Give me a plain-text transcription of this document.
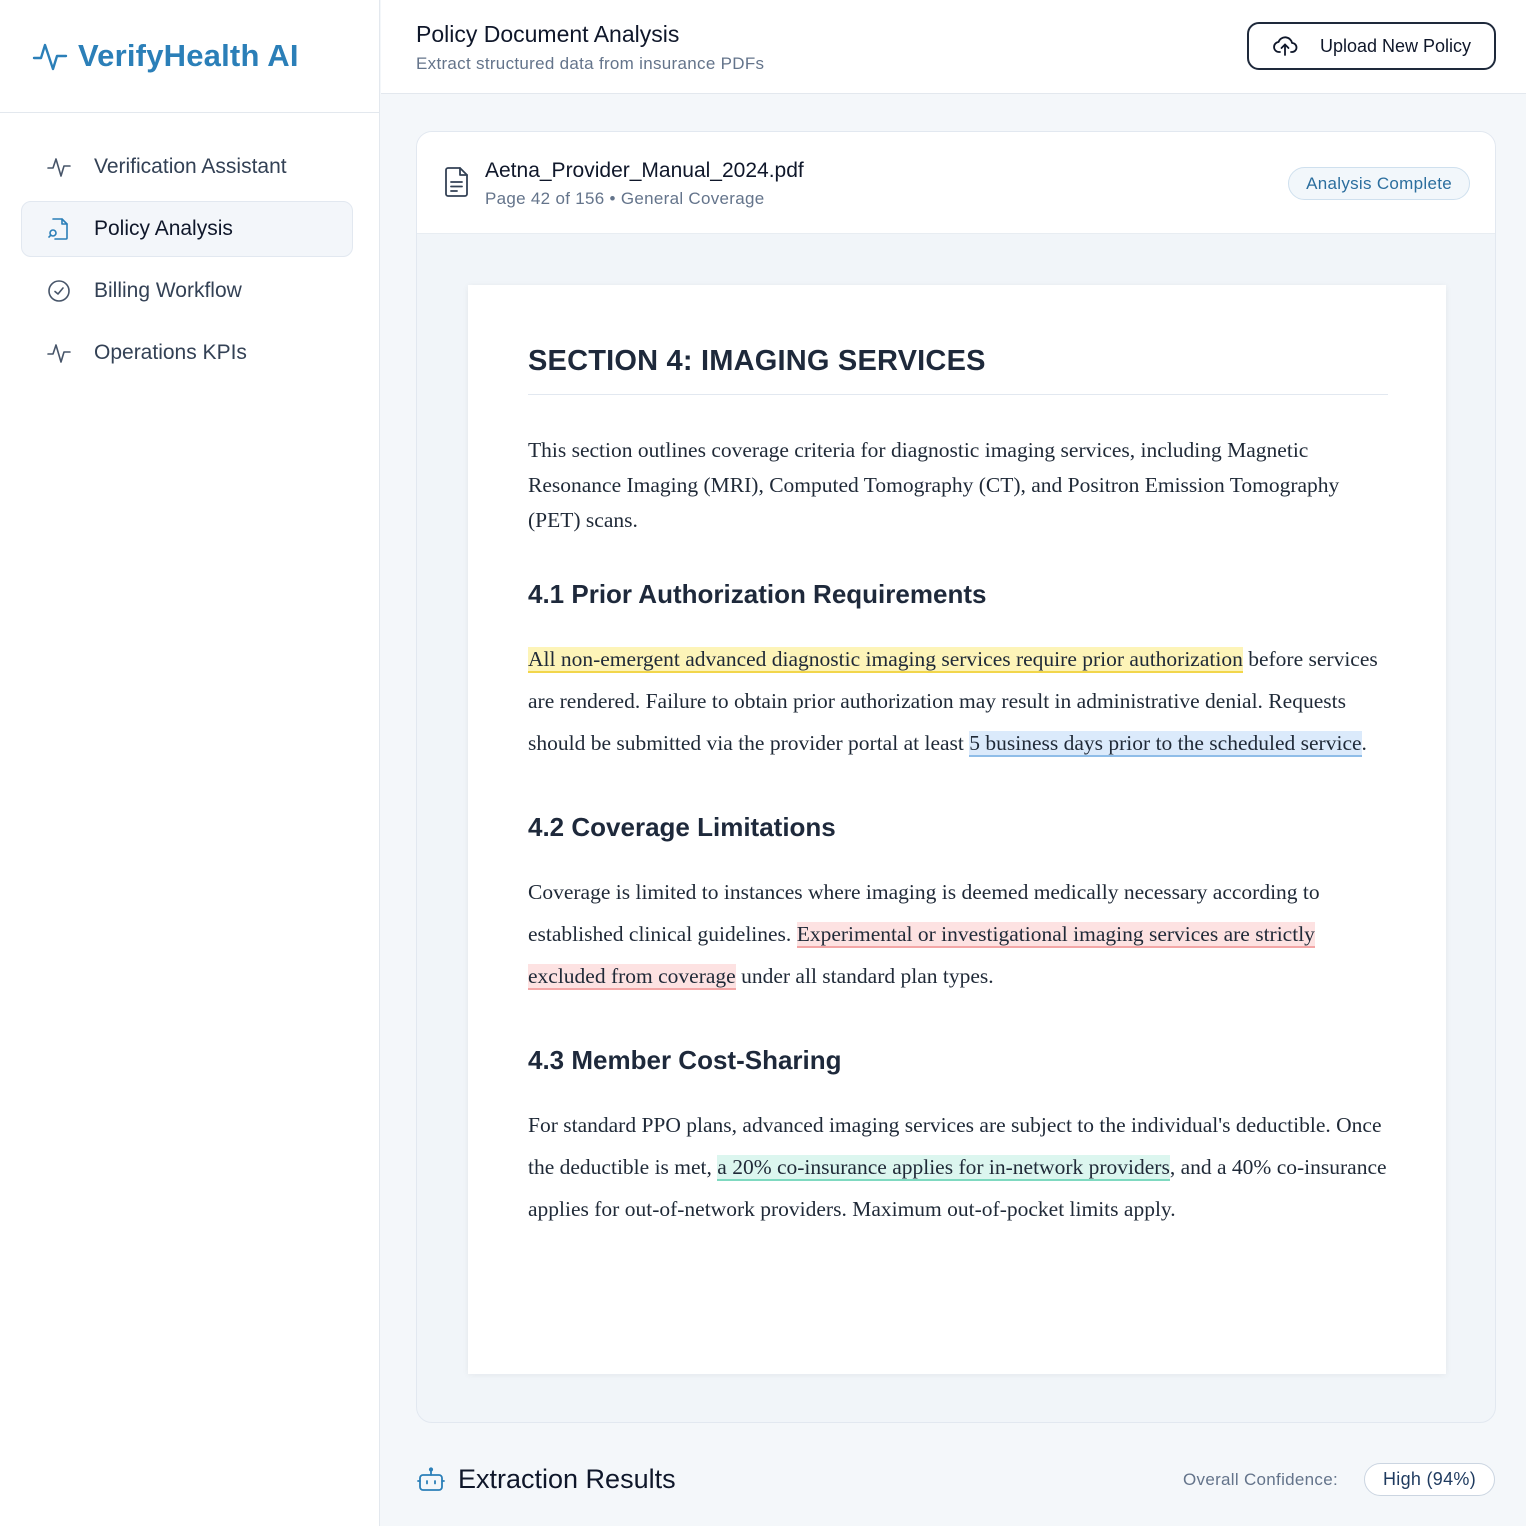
VerifyHealth AI
Verification Assistant
Policy Analysis
Billing Workflow
Operations KPIs
Policy Document Analysis
Extract structured data from insurance PDFs
Upload New Policy
Aetna_Provider_Manual_2024.pdf
Page 42 of 156 • General Coverage
Analysis Complete
SECTION 4: IMAGING SERVICES

This section outlines coverage criteria for diagnostic imaging services, including Magnetic Resonance Imaging (MRI), Computed Tomography (CT), and Positron Emission Tomography (PET) scans.

4.1 Prior Authorization Requirements

All non-emergent advanced diagnostic imaging services require prior authorization before services are rendered. Failure to obtain prior authorization may result in administrative denial. Requests should be submitted via the provider portal at least 5 business days prior to the scheduled service.

4.2 Coverage Limitations

Coverage is limited to instances where imaging is deemed medically necessary according to established clinical guidelines. Experimental or investigational imaging services are strictly excluded from coverage under all standard plan types.

4.3 Member Cost-Sharing

For standard PPO plans, advanced imaging services are subject to the individual's deductible. Once the deductible is met, a 20% co-insurance applies for in-network providers, and a 40% co-insurance applies for out-of-network providers. Maximum out-of-pocket limits apply.

Extraction Results	Overall Confidence:	High (94%)
